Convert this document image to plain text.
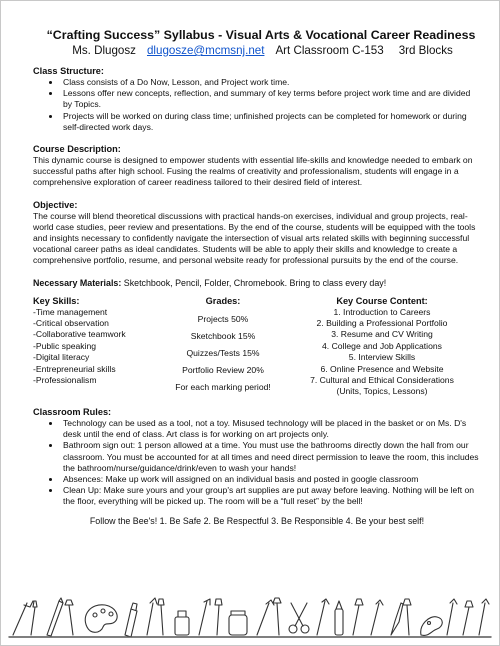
“Crafting Success” Syllabus - Visual Arts & Vocational Career Readiness
Ms. Dlugosz dlugosze@mcmsnj.net Art Classroom C-153 3rd Blocks
Class Structure:
• Class consists of a Do Now, Lesson, and Project work time.
• Lessons offer new concepts, reflection, and summary of key terms before project work time and are divided by Topics.
• Projects will be worked on during class time; unfinished projects can be completed for homework or during self-directed work days.
Course Description:
This dynamic course is designed to empower students with essential life-skills and knowledge needed to embark on successful paths after high school. Fusing the realms of creativity and professionalism, students will engage in a comprehensive exploration of career readiness tailored to their desired field of interest.
Objective:
The course will blend theoretical discussions with practical hands-on exercises, individual and group projects, real-world case studies, peer review and presentations. By the end of the course, students will be equipped with the tools and insights necessary to confidently navigate the intersection of visual arts related skills with beginning successful vocational career paths as ideal candidates. Students will be able to apply their skills and knowledge to create a comprehensive portfolio, resume, and personal website ready for professional pursuits by the end of the course.
Necessary Materials: Sketchbook, Pencil, Folder, Chromebook. Bring to class every day!
Key Skills:
-Time management
-Critical observation
-Collaborative teamwork
-Public speaking
-Digital literacy
-Entrepreneurial skills
-Professionalism
Grades:
Projects 50%
Sketchbook 15%
Quizzes/Tests 15%
Portfolio Review 20%
For each marking period!
Key Course Content:
1. Introduction to Careers
2. Building a Professional Portfolio
3. Resume and CV Writing
4. College and Job Applications
5. Interview Skills
6. Online Presence and Website
7. Cultural and Ethical Considerations
(Units, Topics, Lessons)
Classroom Rules:
• Technology can be used as a tool, not a toy. Misused technology will be placed in the basket or on Ms. D's desk until the end of class. Art class is for working on art projects only.
• Bathroom sign out: 1 person allowed at a time. You must use the bathrooms directly down the hall from our classroom. You must be accounted for at all times and need direct permission to leave the room, this includes the bathroom/nurse/guidance/drink/even to wash your hands!
• Absences: Make up work will assigned on an individual basis and posted in google classroom
• Clean Up: Make sure yours and your group's art supplies are put away before leaving. Nothing will be left on the floor, everything will be picked up. The room will be a “full reset” by the bell!
Follow the Bee's! 1. Be Safe 2. Be Respectful 3. Be Responsible 4. Be your best self!
